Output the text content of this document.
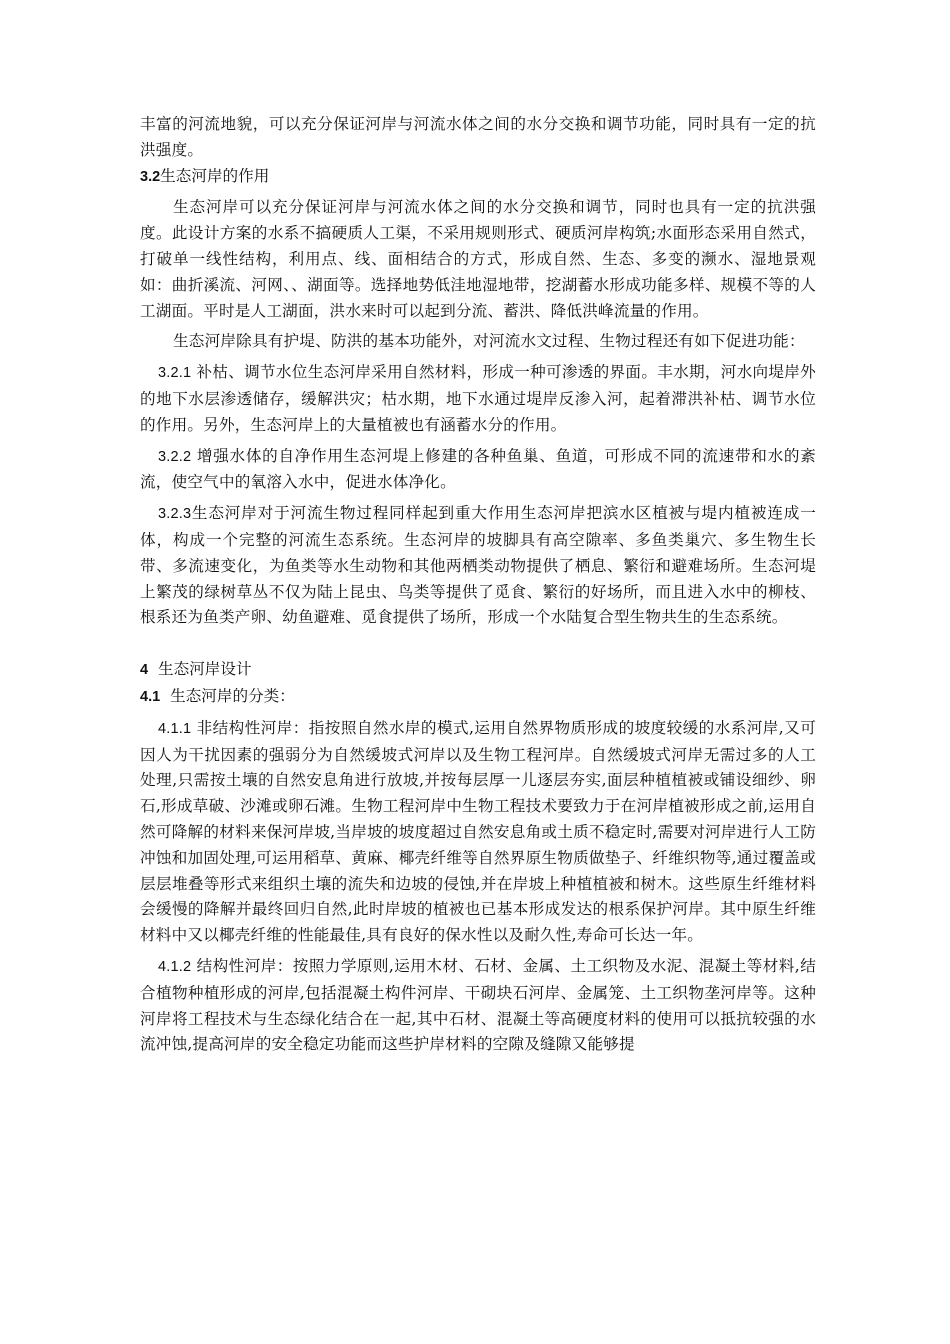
丰富的河流地貌，可以充分保证河岸与河流水体之间的水分交换和调节功能，同时具有一定的抗洪强度。

3.2生态河岸的作用

生态河岸可以充分保证河岸与河流水体之间的水分交换和调节，同时也具有一定的抗洪强度。此设计方案的水系不搞硬质人工渠，不采用规则形式、硬质河岸构筑;水面形态采用自然式，打破单一线性结构，利用点、线、面相结合的方式，形成自然、生态、多变的濒水、湿地景观如：曲折溪流、河网、、湖面等。选择地势低洼地湿地带，挖湖蓄水形成功能多样、规模不等的人工湖面。平时是人工湖面，洪水来时可以起到分流、蓄洪、降低洪峰流量的作用。

生态河岸除具有护堤、防洪的基本功能外，对河流水文过程、生物过程还有如下促进功能：

3.2.1 补枯、调节水位生态河岸采用自然材料，形成一种可渗透的界面。丰水期，河水向堤岸外的地下水层渗透储存，缓解洪灾；枯水期，地下水通过堤岸反渗入河，起着滞洪补枯、调节水位的作用。另外，生态河岸上的大量植被也有涵蓄水分的作用。

3.2.2 增强水体的自净作用生态河堤上修建的各种鱼巢、鱼道，可形成不同的流速带和水的紊流，使空气中的氧溶入水中，促进水体净化。

3.2.3生态河岸对于河流生物过程同样起到重大作用生态河岸把滨水区植被与堤内植被连成一体，构成一个完整的河流生态系统。生态河岸的坡脚具有高空隙率、多鱼类巢穴、多生物生长带、多流速变化，为鱼类等水生动物和其他两栖类动物提供了栖息、繁衍和避难场所。生态河堤上繁茂的绿树草丛不仅为陆上昆虫、鸟类等提供了觅食、繁衍的好场所，而且进入水中的柳枝、根系还为鱼类产卵、幼鱼避难、觅食提供了场所，形成一个水陆复合型生物共生的生态系统。

4 生态河岸设计

4.1 生态河岸的分类：

4.1.1 非结构性河岸：指按照自然水岸的模式,运用自然界物质形成的坡度较缓的水系河岸,又可因人为干扰因素的强弱分为自然缓坡式河岸以及生物工程河岸。自然缓坡式河岸无需过多的人工处理,只需按土壤的自然安息角进行放坡,并按每层厚一儿逐层夯实,面层种植植被或铺设细纱、卵石,形成草破、沙滩或卵石滩。生物工程河岸中生物工程技术要致力于在河岸植被形成之前,运用自然可降解的材料来保河岸坡,当岸坡的坡度超过自然安息角或土质不稳定时,需要对河岸进行人工防冲蚀和加固处理,可运用稻草、黄麻、椰壳纤维等自然界原生物质做垫子、纤维织物等,通过覆盖或层层堆叠等形式来组织土壤的流失和边坡的侵蚀,并在岸坡上种植植被和树木。这些原生纤维材料会缓慢的降解并最终回归自然,此时岸坡的植被也已基本形成发达的根系保护河岸。其中原生纤维材料中又以椰壳纤维的性能最佳,具有良好的保水性以及耐久性,寿命可长达一年。

4.1.2 结构性河岸：按照力学原则,运用木材、石材、金属、土工织物及水泥、混凝土等材料,结合植物种植形成的河岸,包括混凝土构件河岸、干砌块石河岸、金属笼、土工织物垄河岸等。这种河岸将工程技术与生态绿化结合在一起,其中石材、混凝土等高硬度材料的使用可以抵抗较强的水流冲蚀,提高河岸的安全稳定功能而这些护岸材料的空隙及缝隙又能够提
